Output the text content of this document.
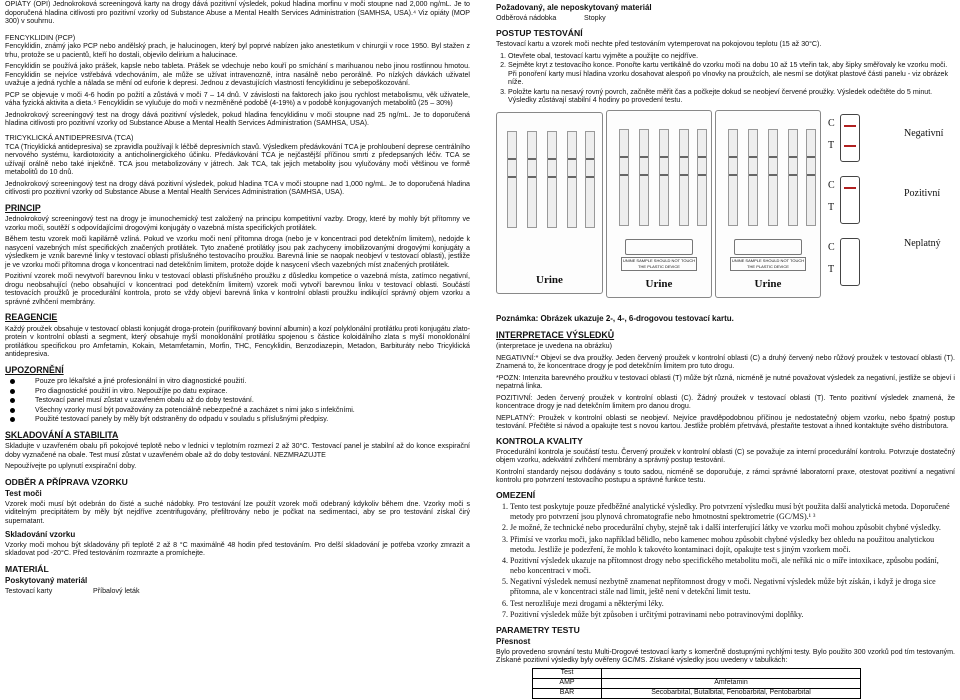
OPIÁTY (OPI) Jednokroková screeningová karty na drogy dává pozitivní výsledek, pokud hladina morfinu v moči stoupne nad 2,000 ng/mL. Je to doporučená hladina citlivosti pro pozitivní vzorky od Substance Abuse a Mental Health Services Administration (SAMHSA, USA).⁴ Viz opiáty (MOP 300) v souhrnu.

FENCYKLIDIN (PCP)

Fencyklidin, známý jako PCP nebo andělský prach, je halucinogen, který byl poprvé nabízen jako anestetikum v chirurgii v roce 1950. Byl stažen z trhu, protože se u pacientů, kteří ho dostali, objevilo delirium a halucinace.

Fencyklidin se používá jako prášek, kapsle nebo tableta. Prášek se vdechuje nebo kouří po smíchání s marihuanou nebo jinou rostlinnou hmotou. Fencyklidin se nejvíce vstřebává vdechováním, ale může se užívat intravenozně, intra nasálně nebo perorálně. Po nízkých dávkách uživatel uvažuje a jedná rychle a nálada se mění od euforie k depresi. Jednou z devastujících vlastností fencyklidinu je sebepoškozování.

PCP se objevuje v moči 4-6 hodin po požití a zůstává v moči 7 – 14 dnů. V závislosti na faktorech jako jsou rychlost metabolismu, věk uživatele, váha fyzická aktivita a dieta.⁵ Fencyklidin se vylučuje do moči v nezměněné podobě (4-19%) a v podobě konjugovaných metabolitů (25 – 30%)

Jednokrokový screeningový test na drogy dává pozitivní výsledek, pokud hladina fencyklidinu v moči stoupne nad 25 ng/mL. Je to doporučená hladina citlivosti pro pozitivní vzorky od Substance Abuse a Mental Health Services Administration (SAMHSA, USA).

TRICYKLICKÁ ANTIDEPRESIVA (TCA)

TCA (Tricyklická antidepresiva) se zpravidla používají k léčbě depresivních stavů. Výsledkem předávkování TCA je prohloubení deprese centrálního nervového systému, kardiotoxicity a anticholinergického účinku. Předávkování TCA je nejčastější příčinou smrti z předepsaných léčiv. TCA se užívají orálně nebo také injekčně. TCA jsou metabolizovány v játrech. Jak TCA, tak jejich metabolity jsou vylučovány moči většinou ve formě metabolitů do 10 dnů.

Jednokrokový screeningový test na drogy dává pozitivní výsledek, pokud hladina TCA v moči stoupne nad 1,000 ng/mL. Je to doporučená hladina citlivosti pro pozitivní vzorky od Substance Abuse a Mental Health Services Administration (SAMHSA, USA).

PRINCIP

Jednokrokový screeningový test na drogy je imunochemický test založený na principu kompetitivní vazby. Drogy, které by mohly být přítomny ve vzorku moči, soutěží s odpovídajícími drogovými konjugáty o vazebná místa specifických protilátek.

Během testu vzorek moči kapilárně vzlíná. Pokud ve vzorku moči není přítomna droga (nebo je v koncentraci pod detekčním limitem), nedojde k nasycení vazebných míst specifických značených protilátek. Tyto značené protilátky jsou pak zachyceny imobilizovanými drogovými konjugáty a výsledkem je vznik barevné linky v testovací oblasti příslušného testovacího proužku. Barevná linie se naopak neobjeví v testovací oblasti), jestliže je ve vzorku moči přítomna droga v koncentraci nad detekčním limitem, protože dojde k nasycení všech vazebných míst značených protilátek.

Pozitivní vzorek moči nevytvoří barevnou linku v testovací oblasti příslušného proužku z důsledku kompetice o vazebná místa, zatímco negativní, drogu neobsahující (nebo obsahující v koncentraci pod detekčním limitem) vzorek moči vytvoří barevnou linku v testovací oblasti. Součástí testovacích proužků je procedurální kontrola, proto se vždy objeví barevná linka v kontrolní oblasti proužku indikující správný objem vzorku a správné zvlhčení membrány.

REAGENCIE

Každý proužek obsahuje v testovací oblasti konjugát droga-protein (purifikovaný bovinní albumin) a kozí polyklonální protilátku proti konjugátu zlato-protein v kontrolní oblasti a segment, který obsahuje myší monoklonální protilátku spojenou s částice koloidálního zlata s myší monoklonální protilátkou specifickou pro Amfetamin, Kokain, Metamfetamin, Morfin, THC, Fencyklidin, Benzodiazepin, Metadon, Barbituráty nebo Tricyklická antidepresiva.

UPOZORNĚNÍ
Pouze pro lékařské a jiné profesionální in vitro diagnostické použití.
Pro diagnostické použití in vitro. Nepoužíjte po datu expirace.
Testovací panel musí zůstat v uzavřeném obalu až do doby testování.
Všechny vzorky musí být považovány za potenciálně nebezpečné a zacházet s nimi jako s infekčními.
Použité testovací panely by měly být odstraněny do odpadu v souladu s příslušnými předpisy.
SKLADOVÁNÍ A STABILITA

Skladujte v uzavřeném obalu při pokojové teplotě nebo v lednici v teplotním rozmezí 2 až 30°C. Testovací panel je stabilní až do konce exspirační doby vyznačené na obale. Test musí zůstat v uzavřeném obale až do doby testování. NEZMRAZUJTE

Nepoužívejte po uplynutí exspirační doby.

ODBĚR A PŘÍPRAVA VZORKU
Test moči

Vzorek moči musí být odebrán do čisté a suché nádobky. Pro testování lze použít vzorek moči odebraný kdykoliv během dne. Vzorky moči s viditelným precipitátem by měly být nejdříve zcentrifugovány, přefiltrovány nebo je počkat na sedimentaci, aby se pro testování získal čirý supernatant.

Skladování vzorku

Vzorky moči mohou být skladovány při teplotě 2 až 8 °C maximálně 48 hodin před testováním. Pro delší skladování je potřeba vzorky zmrazit a skladovat pod -20°C. Před testováním rozmrazte a promíchejte.

MATERIÁL
Poskytovaný materiál
Testovací karty	Příbalový leták
Požadovaný, ale neposkytovaný materiál
Odběrová nádobka	Stopky
POSTUP TESTOVÁNÍ

Testovací kartu a vzorek moči nechte před testováním vytemperovat na pokojovou teplotu (15 až 30°C).

1. Otevřete obal, testovací kartu vyjměte a použijte co nejdříve.
2. Sejměte kryt z testovacího konce. Ponořte kartu vertikálně do vzorku moči na dobu 10 až 15 vteřin tak, aby šipky směřovaly ke vzorku moči. Při ponoření karty musí hladina vzorku dosahovat alespoň po vlnovky na proužcích, ale nesmí se dotýkat plastové části panelu - viz obrázek níže.
3. Položte kartu na nesavý rovný povrch, začněte měřit čas a počkejte dokud se neobjeví červené proužky. Výsledek odečtěte do 5 minut. Výsledky zůstávají stabilní 4 hodiny po provedení testu.
Urine
UNINE SAMPLE SHOULD NOT TOUCH THE PLASTIC DEVICE
Urine
UNINE SAMPLE SHOULD NOT TOUCH THE PLASTIC DEVICE
Urine
C
T
Negativní
C
T
Pozitivní
C
T
Neplatný
Poznámka: Obrázek ukazuje 2-, 4-, 6-drogovou testovací kartu.
INTERPRETACE VÝSLEDKŮ

(interpretace je uvedena na obrázku)

NEGATIVNÍ:* Objeví se dva proužky. Jeden červený proužek v kontrolní oblasti (C) a druhý červený nebo růžový proužek v testovací oblasti (T). Znamená to, že koncentrace drogy je pod detekčním limitem pro tuto drogu.

*POZN: Intenzita barevného proužku v testovací oblasti (T) může být různá, nicméně je nutné považovat výsledek za negativní, jestliže se objeví i nepatrná linka.

POZITIVNÍ: Jeden červený proužek v kontrolní oblasti (C). Žádný proužek v testovací oblasti (T). Tento pozitivní výsledek znamená, že koncentrace drogy je nad detekčním limitem pro danou drogu.

NEPLATNÝ: Proužek v kontrolní oblasti se neobjeví. Nejvíce pravděpodobnou příčinou je nedostatečný objem vzorku, nebo špatný postup testování. Přečtěte si návod a opakujte test s novou kartou. Jestliže problém přetrvává, přestaňte testovat a ihned kontaktujte svého distributora.

KONTROLA KVALITY

Procedurální kontrola je součástí testu. Červený proužek v kontrolní oblasti (C) se považuje za interní procedurální kontrolu. Potvrzuje dostatečný objem vzorku, adekvátní zvlhčení membrány a správný postup testování.

Kontrolní standardy nejsou dodávány s touto sadou, nicméně se doporučuje, z rámci správné laboratorní praxe, otestovat pozitivní a negativní kontrolu pro potvrzení testovacího postupu a správné funkce testu.

OMEZENÍ
1. Tento test poskytuje pouze předběžné analytické výsledky. Pro potvrzení výsledku musí být použita další analytická metoda. Doporučené metody pro potvrzení jsou plynová chromatografie nebo hmotnostní spektrometrie (GC/MS).¹ ³
2. Je možné, že technické nebo procedurální chyby, stejně tak i další interferující látky ve vzorku moči mohou způsobit chybné výsledky.
3. Přimísí ve vzorku moči, jako například bělidlo, nebo kamenec mohou způsobit chybné výsledky bez ohledu na použitou analytickou metodu. Jestliže je podezření, že mohlo k takovéto kontaminaci dojít, opakujte test s jiným vzorkem moči.
4. Pozitivní výsledek ukazuje na přítomnost drogy nebo specifického metabolitu moči, ale neříká nic o míře intoxikace, způsobu podání, nebo koncentraci v moči.
5. Negativní výsledek nemusí nezbytně znamenat nepřítomnost drogy v moči. Negativní výsledek může být získán, i když je droga sice přítomna, ale v koncentraci stále nad limit, ještě není v detekční limit testu.
6. Test nerozlišuje mezi drogami a některými léky.
7. Pozitivní výsledek může být způsoben i určitými potravinami nebo potravinovými doplňky.
PARAMETRY TESTU
Přesnost

Bylo provedeno srovnání testu Multi-Drogové testovací karty s komerčně dostupnými rychlými testy. Bylo použito 300 vzorků pod tím testovaným. Získané pozitivní výsledky byly ověřeny GC/MS. Získané výsledky jsou uvedeny v tabulkách:

Test	
AMP	Amfetamin
BAR	Secobarbital, Butalbital, Fenobarbital, Pentobarbital
